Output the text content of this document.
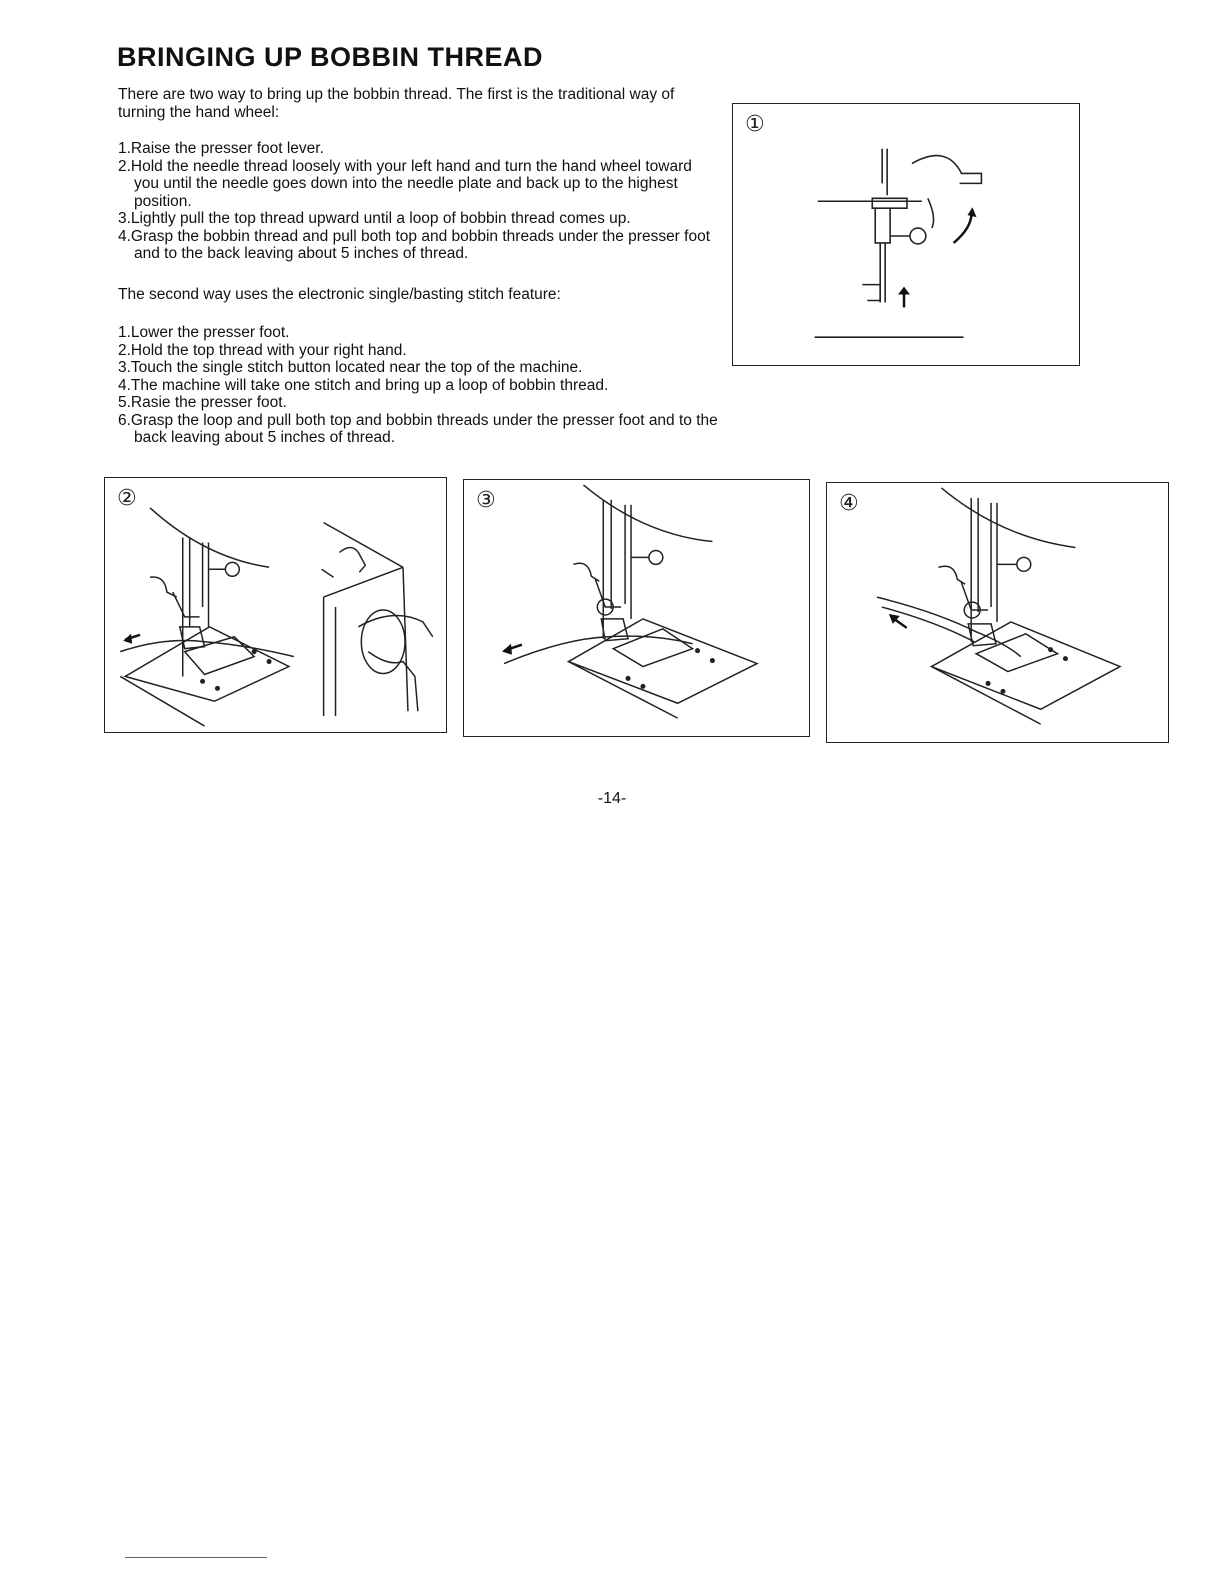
BRINGING UP BOBBIN THREAD
There are two way to bring up the bobbin thread. The first is the traditional way of turning the hand wheel:
1.Raise the presser foot lever.
2.Hold the needle thread loosely with your left hand and turn the hand wheel toward you until the needle goes down into the needle plate and back up to the highest position.
3.Lightly pull the top thread upward until a loop of bobbin thread comes up.
4.Grasp the bobbin thread and pull both top and bobbin threads under the presser foot and to the back leaving about 5 inches of thread.
The second way uses the electronic single/basting stitch feature:
1.Lower the presser foot.
2.Hold the top thread with your right hand.
3.Touch the single stitch button located near the top of the machine.
4.The machine will take one stitch and bring up a loop of bobbin thread.
5.Rasie the presser foot.
6.Grasp the loop and pull both top and bobbin threads under the presser foot and to the back leaving about 5 inches of thread.
①
②	③	④
-14-
